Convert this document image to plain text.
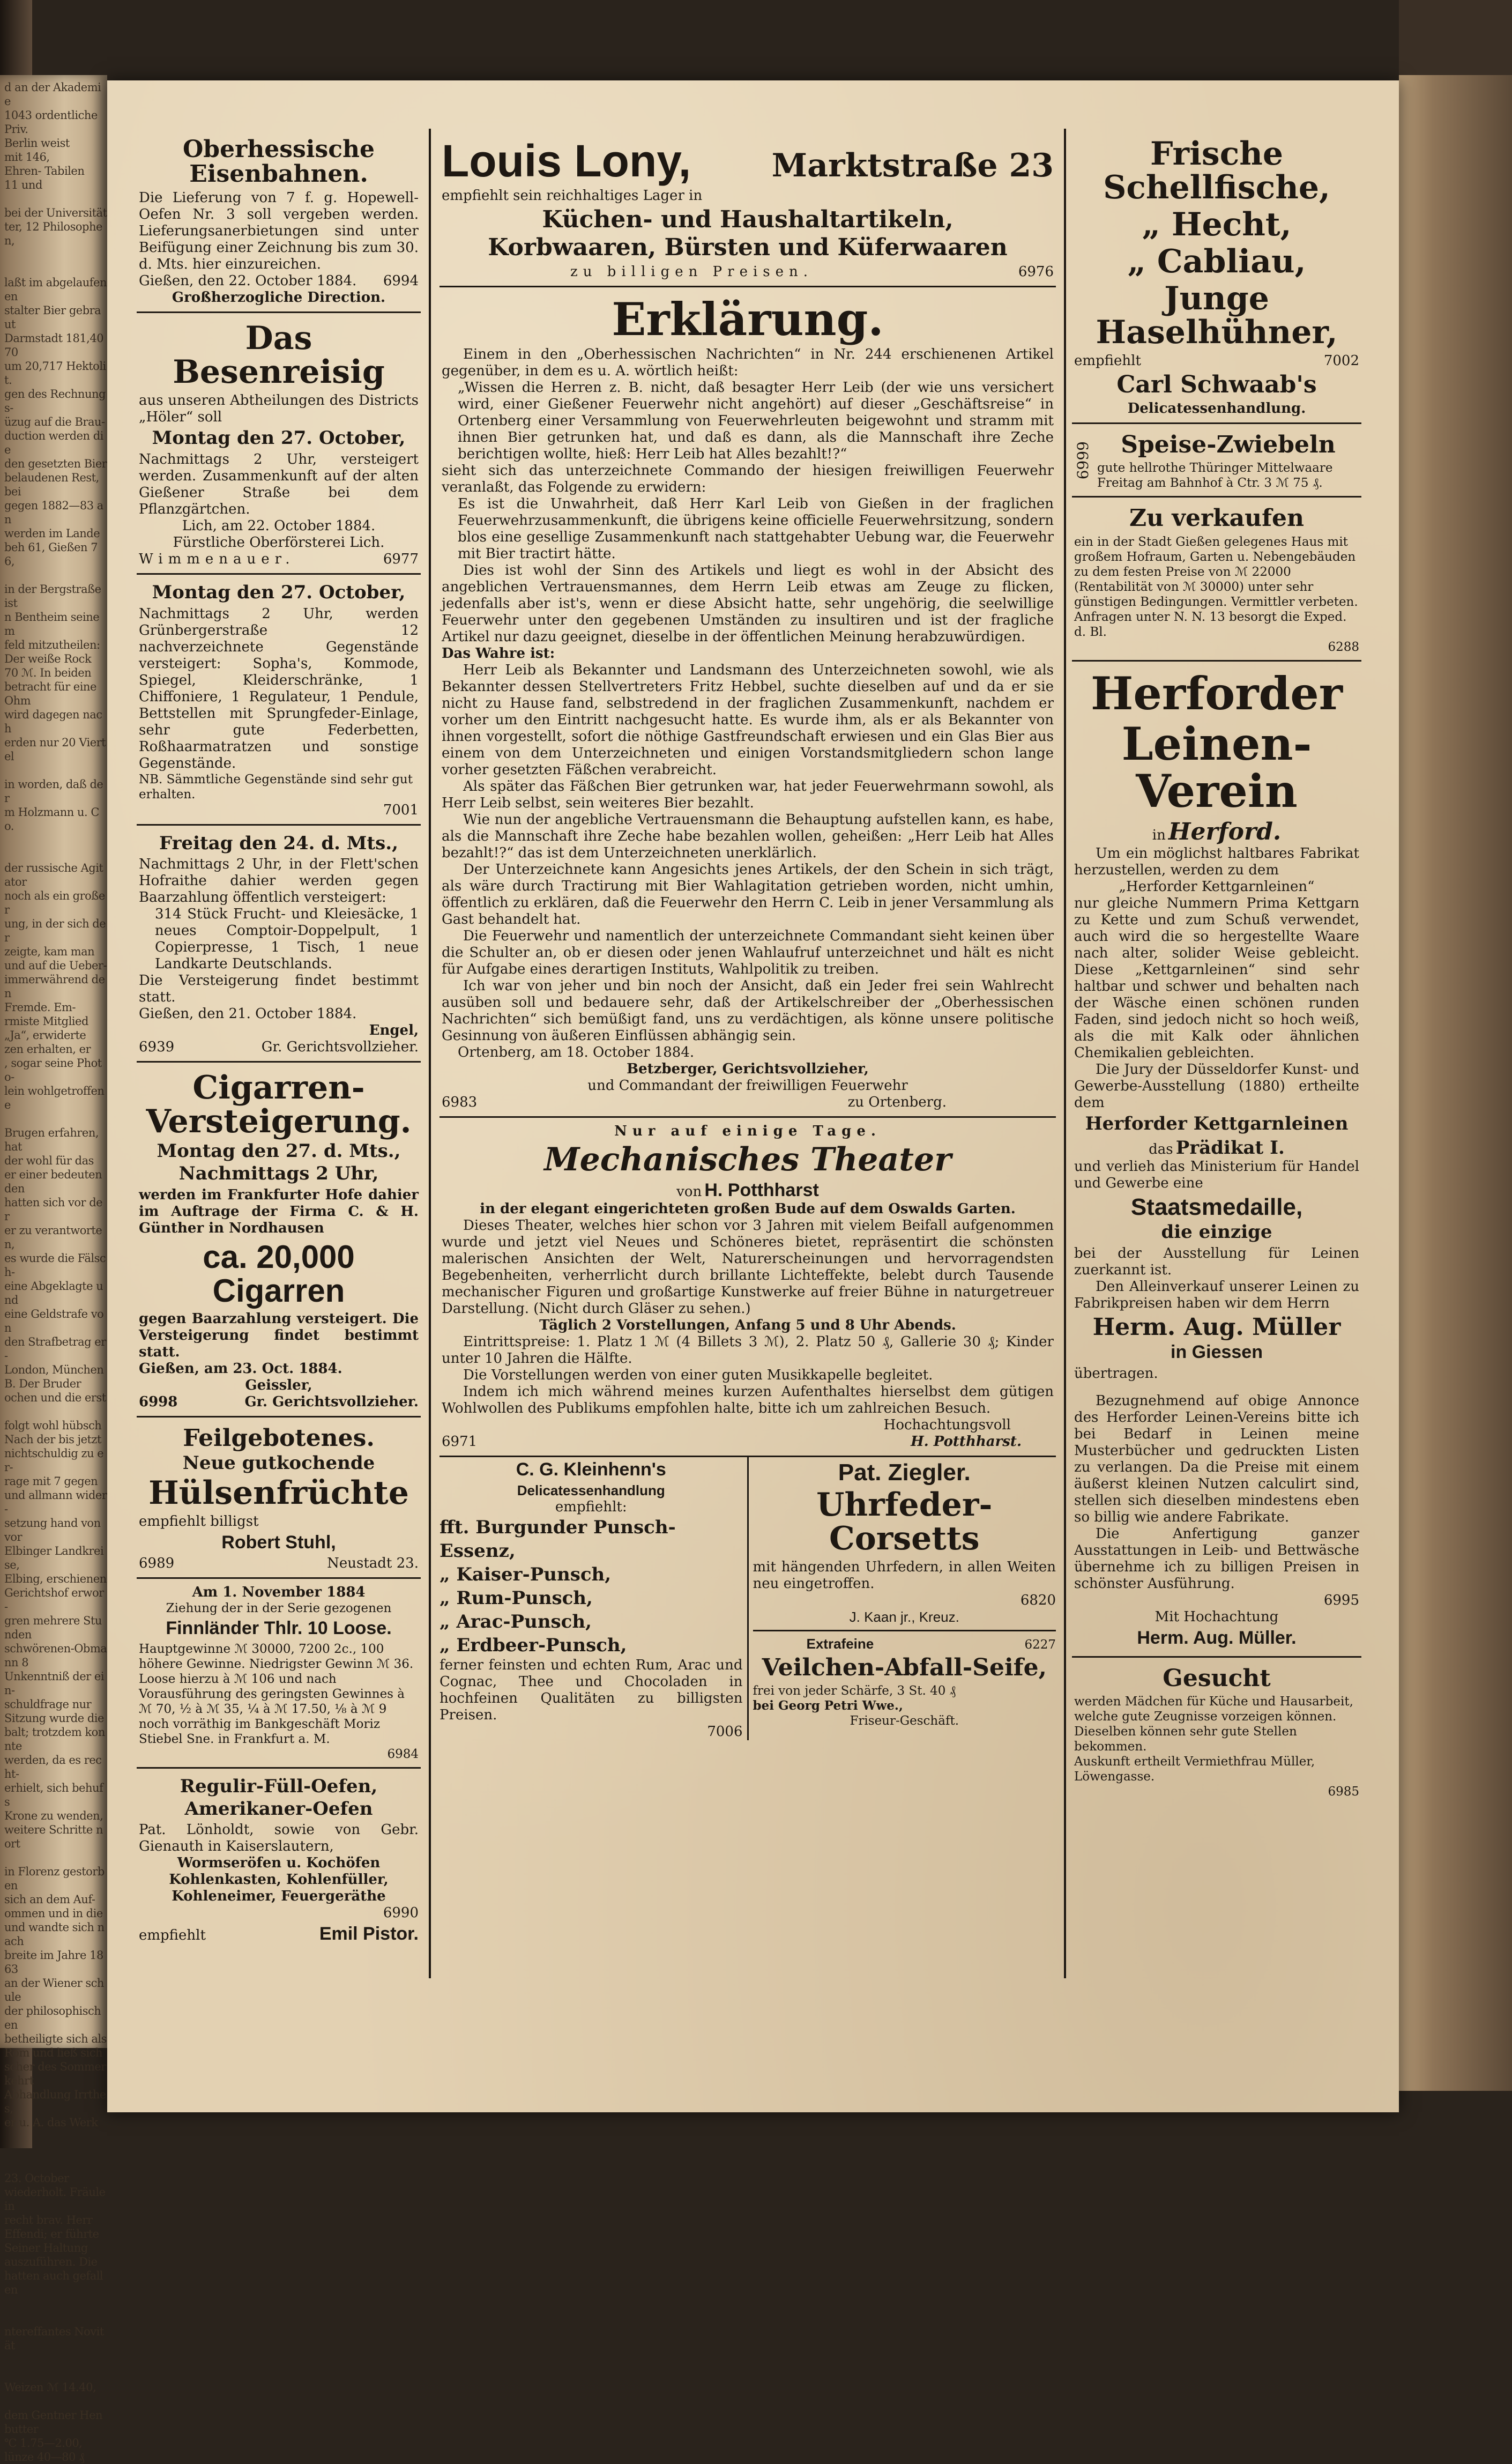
d an der Akademie
1043 ordentliche
Priv.
Berlin weist
mit 146,
Ehren- Tabilen
11 und

bei der Universität
ter, 12 Philosophen,

laßt im abgelaufenen
stalter Bier gebraut
Darmstadt 181,4070
um 20,717 Hektolit.
gen des Rechnungs-
üzug auf die Brau-
duction werden die
den gesetzten Bier
belaudenen Rest, bei
gegen 1882—83 an
werden im Lande
beh 61, Gießen 76,

in der Bergstraße ist
n Bentheim seinem
feld mitzutheilen:
Der weiße Rock
70 ℳ. In beiden
betracht für eine Ohm
wird dagegen nach
erden nur 20 Viertel

in worden, daß der
m Holzmann u. Co.

der russische Agitator
noch als ein großer
ung, in der sich der
zeigte, kam man
und auf die Ueber-
immerwährend den
Fremde. Em-
rmiste Mitglied
„Ja“, erwiderte
zen erhalten, er
, sogar seine Photo-
lein wohlgetroffene

Brugen erfahren, hat
der wohl für das
er einer bedeutenden
hatten sich vor der
er zu verantworten,
es wurde die Fälsch-
eine Abgeklagte und
eine Geldstrafe von
den Strafbetrag er-
London, München
B. Der Bruder
ochen und die erst

folgt wohl hübsch
Nach der bis jetzt
nichtschuldig zu er-
rage mit 7 gegen
und allmann wider-
setzung hand von vor
Elbinger Landkreise,
Elbing, erschienen
Gerichtshof erwor-
gren mehrere Stunden
schwörenen-Obmann 8
Unkenntniß der ein-
schuldfrage nur
Sitzung wurde die
balt; trotzdem konnte
werden, da es recht-
erhielt, sich behufs
Krone zu wenden,
weitere Schritte nort

in Florenz gestorben
sich an dem Auf-
ommen und in die
und wandte sich nach
breite im Jahre 1863
an der Wiener schule
der philosophischen
betheiligte sich als
Rom und ließ sich
scher des Sommerkehrt
Abhandlung Irrthes,
er u. A. das Werk

23. October
wiederholt. Fräulein
recht brav. Herr
Effendi; er führte
Seiner Haltung
auszuführen. Die
hatten auch gefallen

ntereffantes Novität

Weizen ℳ 14.40,

dem Gentner Hen
butter
℃ 1.75—2.00,
lünze 40—80 ₰
Oberhessische Eisenbahnen.
Die Lieferung von 7 f. g. Hopewell-Oefen Nr. 3 soll vergeben werden. Lieferungsanerbietungen sind unter Beifügung einer Zeichnung bis zum 30. d. Mts. hier einzureichen.
Gießen, den 22. October 1884. 6994
Großherzogliche Direction.
Das Besenreisig
aus unseren Abtheilungen des Districts „Höler“ soll
Montag den 27. October,
Nachmittags 2 Uhr, versteigert werden. Zusammenkunft auf der alten Gießener Straße bei dem Pflanzgärtchen.
Lich, am 22. October 1884.
Fürstliche Oberförsterei Lich.
Wimmenauer.	6977
Montag den 27. October,
Nachmittags 2 Uhr, werden Grünbergerstraße 12 nachverzeichnete Gegenstände versteigert: Sopha's, Kommode, Spiegel, Kleiderschränke, 1 Chiffoniere, 1 Regulateur, 1 Pendule, Bettstellen mit Sprungfeder-Einlage, sehr gute Federbetten, Roßhaarmatratzen und sonstige Gegenstände.
NB. Sämmtliche Gegenstände sind sehr gut erhalten.
7001
Freitag den 24. d. Mts.,
Nachmittags 2 Uhr, in der Flett'schen Hofraithe dahier werden gegen Baarzahlung öffentlich versteigert:
314 Stück Frucht- und Kleiesäcke, 1 neues Comptoir-Doppelpult, 1 Copierpresse, 1 Tisch, 1 neue Landkarte Deutschlands.
Die Versteigerung findet bestimmt statt.
Gießen, den 21. October 1884.
Engel,
6939	Gr. Gerichtsvollzieher.
Cigarren-Versteigerung.
Montag den 27. d. Mts.,
Nachmittags 2 Uhr,
werden im Frankfurter Hofe dahier im Auftrage der Firma C. & H. Günther in Nordhausen
ca. 20,000 Cigarren
gegen Baarzahlung versteigert. Die Versteigerung findet bestimmt statt.
Gießen, am 23. Oct. 1884.
Geissler,
6998	Gr. Gerichtsvollzieher.
Feilgebotenes.
Neue gutkochende
Hülsenfrüchte
empfiehlt billigst
Robert Stuhl,
6989	Neustadt 23.
Am 1. November 1884
Ziehung der in der Serie gezogenen
Finnländer Thlr. 10 Loose.
Hauptgewinne ℳ 30000, 7200 2c., 100 höhere Gewinne. Niedrigster Gewinn ℳ 36. Loose hierzu à ℳ 106 und nach Vorausführung des geringsten Gewinnes à ℳ 70, ½ à ℳ 35, ¼ à ℳ 17.50, ⅛ à ℳ 9 noch vorräthig im Bankgeschäft Moriz Stiebel Sne. in Frankfurt a. M.
6984
Regulir-Füll-Oefen,
Amerikaner-Oefen
Pat. Lönholdt, sowie von Gebr. Gienauth in Kaiserslautern,
Wormseröfen u. Kochöfen Kohlenkasten, Kohlenfüller, Kohleneimer, Feuergeräthe
6990
empfiehlt	Emil Pistor.
Louis Lony,	Marktstraße 23
empfiehlt sein reichhaltiges Lager in
Küchen- und Haushaltartikeln,
Korbwaaren, Bürsten und Küferwaaren
zu billigen Preisen.	6976
Erklärung.

Einem in den „Oberhessischen Nachrichten“ in Nr. 244 erschienenen Artikel gegenüber, in dem es u. A. wörtlich heißt:

„Wissen die Herren z. B. nicht, daß besagter Herr Leib (der wie uns versichert wird, einer Gießener Feuerwehr nicht angehört) auf dieser „Geschäftsreise“ in Ortenberg einer Versammlung von Feuerwehrleuten beigewohnt und stramm mit ihnen Bier getrunken hat, und daß es dann, als die Mannschaft ihre Zeche berichtigen wollte, hieß: Herr Leib hat Alles bezahlt!?“

sieht sich das unterzeichnete Commando der hiesigen freiwilligen Feuerwehr veranlaßt, das Folgende zu erwidern:

Es ist die Unwahrheit, daß Herr Karl Leib von Gießen in der fraglichen Feuerwehrzusammenkunft, die übrigens keine officielle Feuerwehrsitzung, sondern blos eine gesellige Zusammenkunft nach stattgehabter Uebung war, die Feuerwehr mit Bier tractirt hätte.

Dies ist wohl der Sinn des Artikels und liegt es wohl in der Absicht des angeblichen Vertrauensmannes, dem Herrn Leib etwas am Zeuge zu flicken, jedenfalls aber ist's, wenn er diese Absicht hatte, sehr ungehörig, die seelwillige Feuerwehr unter den gegebenen Umständen zu insultiren und ist der fragliche Artikel nur dazu geeignet, dieselbe in der öffentlichen Meinung herabzuwürdigen.

Das Wahre ist:

Herr Leib als Bekannter und Landsmann des Unterzeichneten sowohl, wie als Bekannter dessen Stellvertreters Fritz Hebbel, suchte dieselben auf und da er sie nicht zu Hause fand, selbstredend in der fraglichen Zusammenkunft, nachdem er vorher um den Eintritt nachgesucht hatte. Es wurde ihm, als er als Bekannter von ihnen vorgestellt, sofort die nöthige Gastfreundschaft erwiesen und ein Glas Bier aus einem von dem Unterzeichneten und einigen Vorstandsmitgliedern schon lange vorher gesetzten Fäßchen verabreicht.

Als später das Fäßchen Bier getrunken war, hat jeder Feuerwehrmann sowohl, als Herr Leib selbst, sein weiteres Bier bezahlt.

Wie nun der angebliche Vertrauensmann die Behauptung aufstellen kann, es habe, als die Mannschaft ihre Zeche habe bezahlen wollen, geheißen: „Herr Leib hat Alles bezahlt!?“ das ist dem Unterzeichneten unerklärlich.

Der Unterzeichnete kann Angesichts jenes Artikels, der den Schein in sich trägt, als wäre durch Tractirung mit Bier Wahlagitation getrieben worden, nicht umhin, öffentlich zu erklären, daß die Feuerwehr den Herrn C. Leib in jener Versammlung als Gast behandelt hat.

Die Feuerwehr und namentlich der unterzeichnete Commandant sieht keinen über die Schulter an, ob er diesen oder jenen Wahlaufruf unterzeichnet und hält es nicht für Aufgabe eines derartigen Instituts, Wahlpolitik zu treiben.

Ich war von jeher und bin noch der Ansicht, daß ein Jeder frei sein Wahlrecht ausüben soll und bedauere sehr, daß der Artikelschreiber der „Oberhessischen Nachrichten“ sich bemüßigt fand, uns zu verdächtigen, als könne unsere politische Gesinnung von äußeren Einflüssen abhängig sein.

Ortenberg, am 18. October 1884.
Betzberger, Gerichtsvollzieher,
und Commandant der freiwilligen Feuerwehr
6983	zu Ortenberg.
Nur auf einige Tage.
Mechanisches Theater
von H. Potthharst
in der elegant eingerichteten großen Bude auf dem Oswalds Garten.

Dieses Theater, welches hier schon vor 3 Jahren mit vielem Beifall aufgenommen wurde und jetzt viel Neues und Schöneres bietet, repräsentirt die schönsten malerischen Ansichten der Welt, Naturerscheinungen und hervorragendsten Begebenheiten, verherrlicht durch brillante Lichteffekte, belebt durch Tausende mechanischer Figuren und großartige Kunstwerke auf freier Bühne in naturgetreuer Darstellung. (Nicht durch Gläser zu sehen.)

Täglich 2 Vorstellungen, Anfang 5 und 8 Uhr Abends.

Eintrittspreise: 1. Platz 1 ℳ (4 Billets 3 ℳ), 2. Platz 50 ₰, Gallerie 30 ₰; Kinder unter 10 Jahren die Hälfte.

Die Vorstellungen werden von einer guten Musikkapelle begleitet.

Indem ich mich während meines kurzen Aufenthaltes hierselbst dem gütigen Wohlwollen des Publikums empfohlen halte, bitte ich um zahlreichen Besuch.

Hochachtungsvoll
6971	H. Potthharst.
C. G. Kleinhenn's
Delicatessenhandlung
empfiehlt:
fft. Burgunder Punsch-Essenz,
„ Kaiser-Punsch,
„ Rum-Punsch,
„ Arac-Punsch,
„ Erdbeer-Punsch,
ferner feinsten und echten Rum, Arac und Cognac, Thee und Chocoladen in hochfeinen Qualitäten zu billigsten Preisen.
7006
Pat. Ziegler.
Uhrfeder-Corsetts
mit hängenden Uhrfedern, in allen Weiten neu eingetroffen.
6820
J. Kaan jr., Kreuz.
Extrafeine	6227
Veilchen-Abfall-Seife,
frei von jeder Schärfe, 3 St. 40 ₰
bei Georg Petri Wwe.,
Friseur-Geschäft.
Frische Schellfische,
„ Hecht,
„ Cabliau,
Junge Haselhühner,
empfiehlt	7002
Carl Schwaab's
Delicatessenhandlung.
6999	Speise-Zwiebeln
gute hellrothe Thüringer Mittelwaare Freitag am Bahnhof à Ctr. 3 ℳ 75 ₰.
Zu verkaufen
ein in der Stadt Gießen gelegenes Haus mit großem Hofraum, Garten u. Nebengebäuden zu dem festen Preise von ℳ 22000 (Rentabilität von ℳ 30000) unter sehr günstigen Bedingungen. Vermittler verbeten.
Anfragen unter N. N. 13 besorgt die Exped. d. Bl.
6288
Herforder
Leinen-Verein
in Herford.

Um ein möglichst haltbares Fabrikat herzustellen, werden zu dem

„Herforder Kettgarnleinen“

nur gleiche Nummern Prima Kettgarn zu Kette und zum Schuß verwendet, auch wird die so hergestellte Waare nach alter, solider Weise gebleicht. Diese „Kettgarnleinen“ sind sehr haltbar und schwer und behalten nach der Wäsche einen schönen runden Faden, sind jedoch nicht so hoch weiß, als die mit Kalk oder ähnlichen Chemikalien gebleichten.

Die Jury der Düsseldorfer Kunst- und Gewerbe-Ausstellung (1880) ertheilte dem

Herforder Kettgarnleinen
das Prädikat I.

und verlieh das Ministerium für Handel und Gewerbe eine

Staatsmedaille,
die einzige

bei der Ausstellung für Leinen zuerkannt ist.

Den Alleinverkauf unserer Leinen zu Fabrikpreisen haben wir dem Herrn

Herm. Aug. Müller
in Giessen
übertragen.

Bezugnehmend auf obige Annonce des Herforder Leinen-Vereins bitte ich bei Bedarf in Leinen meine Musterbücher und gedruckten Listen zu verlangen. Da die Preise mit einem äußerst kleinen Nutzen calculirt sind, stellen sich dieselben mindestens eben so billig wie andere Fabrikate.

Die Anfertigung ganzer Ausstattungen in Leib- und Bettwäsche übernehme ich zu billigen Preisen in schönster Ausführung.

6995
Mit Hochachtung
Herm. Aug. Müller.
Gesucht
werden Mädchen für Küche und Hausarbeit, welche gute Zeugnisse vorzeigen können. Dieselben können sehr gute Stellen bekommen.
Auskunft ertheilt Vermiethfrau Müller, Löwengasse.
6985
